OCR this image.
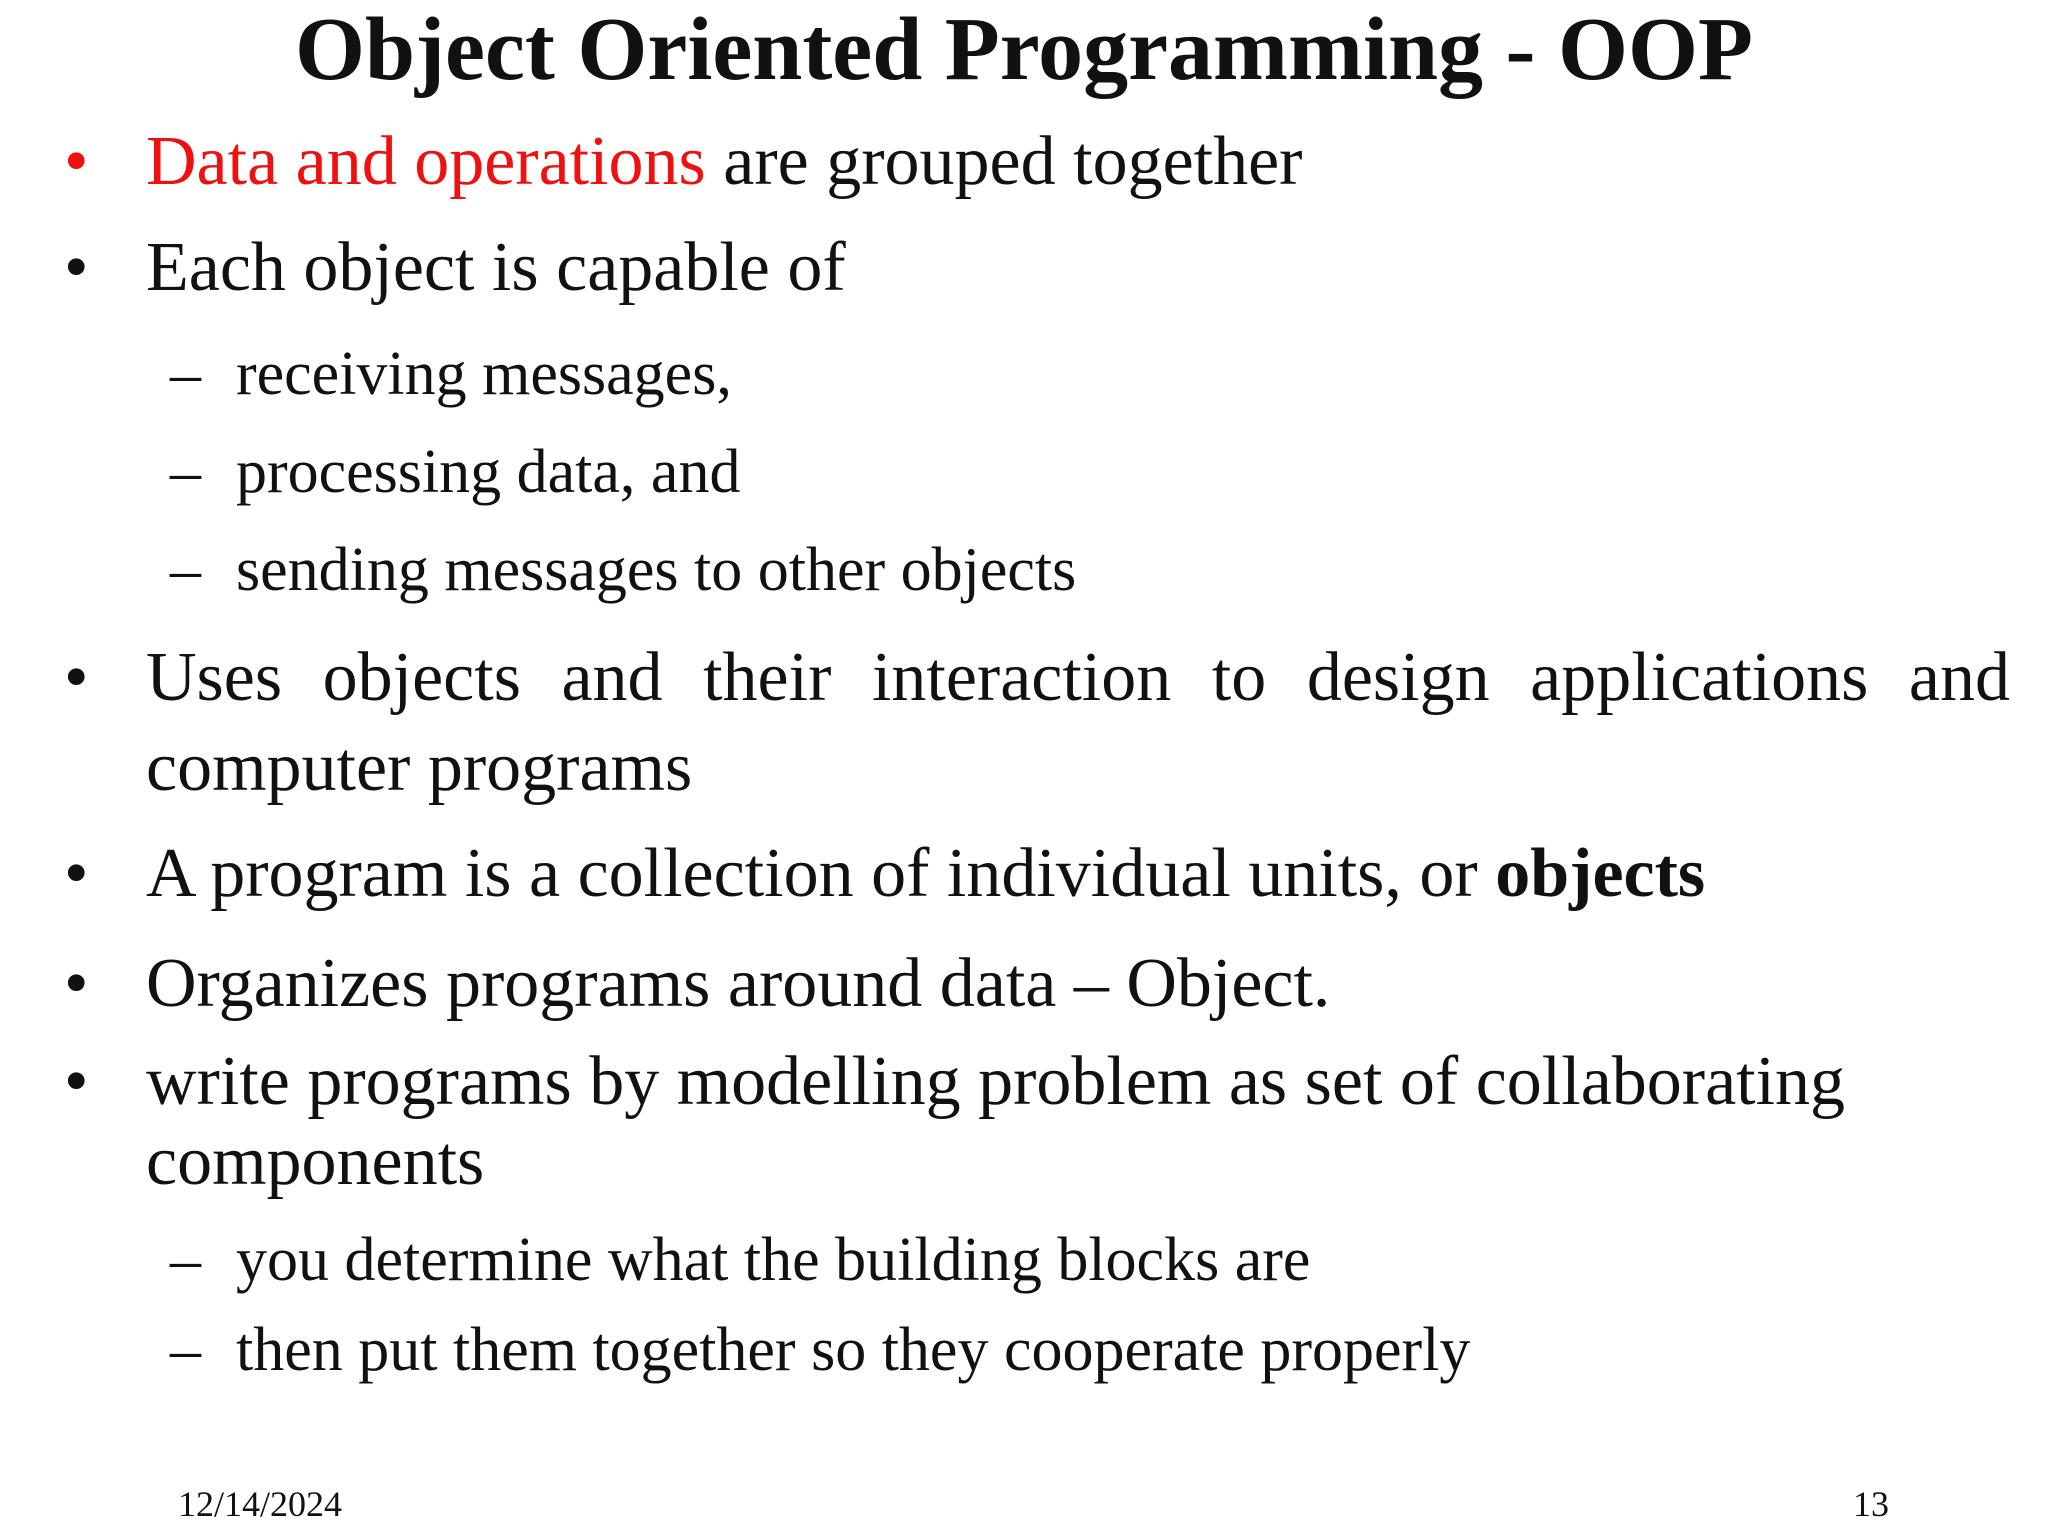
Object Oriented Programming - OOP
• Data and operations are grouped together
• Each object is capable of
– receiving messages,
– processing data, and
– sending messages to other objects
• Uses objects and their interaction to design applications and
computer programs
• A program is a collection of individual units, or objects
• Organizes programs around data – Object.
• write programs by modelling problem as set of collaborating
components
– you determine what the building blocks are
– then put them together so they cooperate properly
12/14/2024	13
